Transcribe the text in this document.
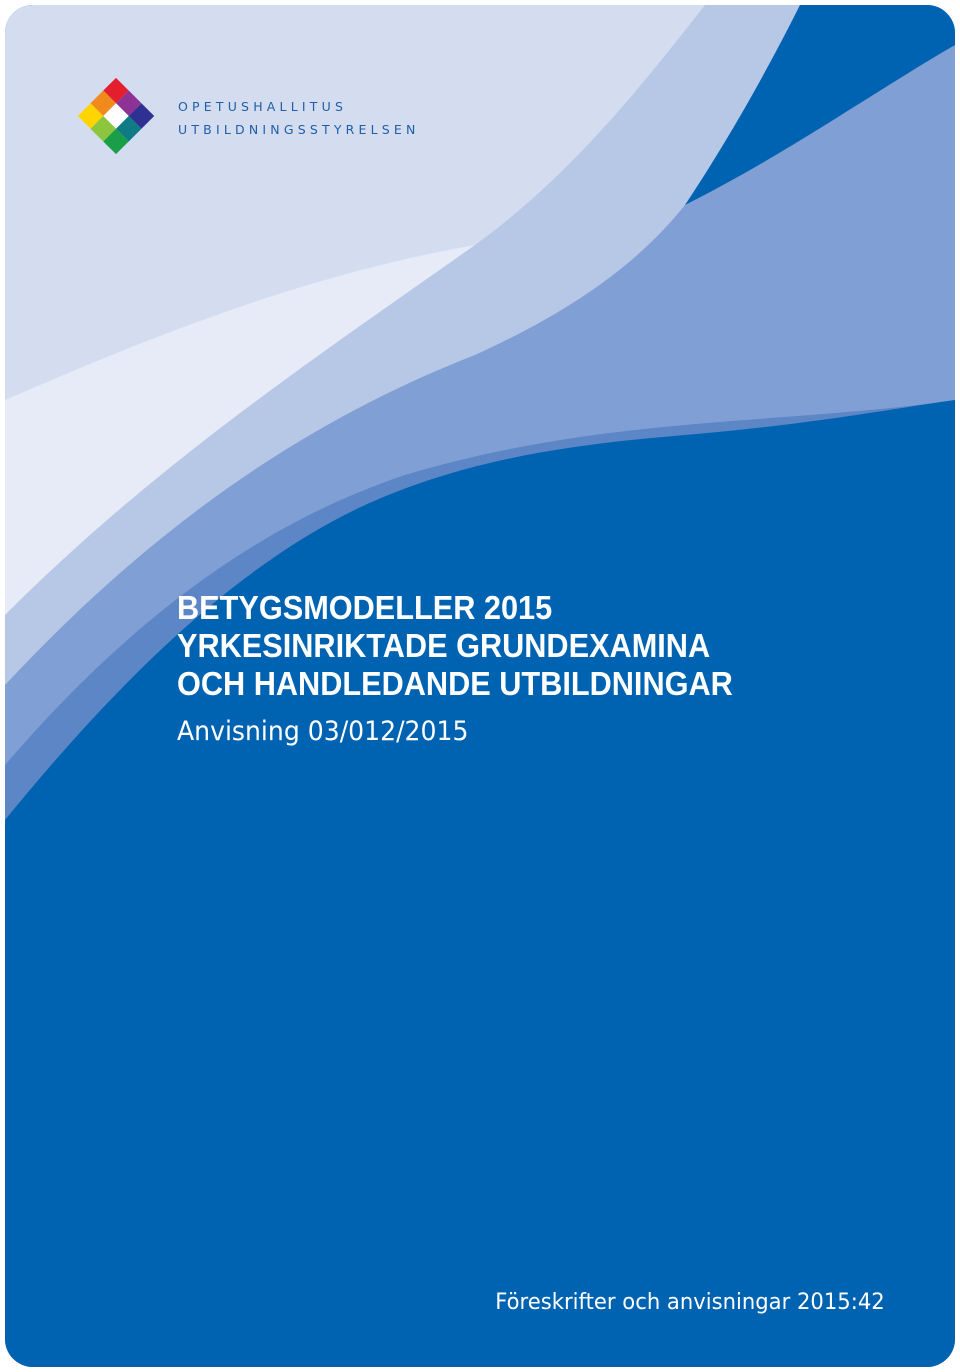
OPETUSHALLITUS
UTBILDNINGSSTYRELSEN
BETYGSMODELLER 2015
YRKESINRIKTADE GRUNDEXAMINA
OCH HANDLEDANDE UTBILDNINGAR
Anvisning 03/012/2015
Föreskrifter och anvisningar 2015:42
